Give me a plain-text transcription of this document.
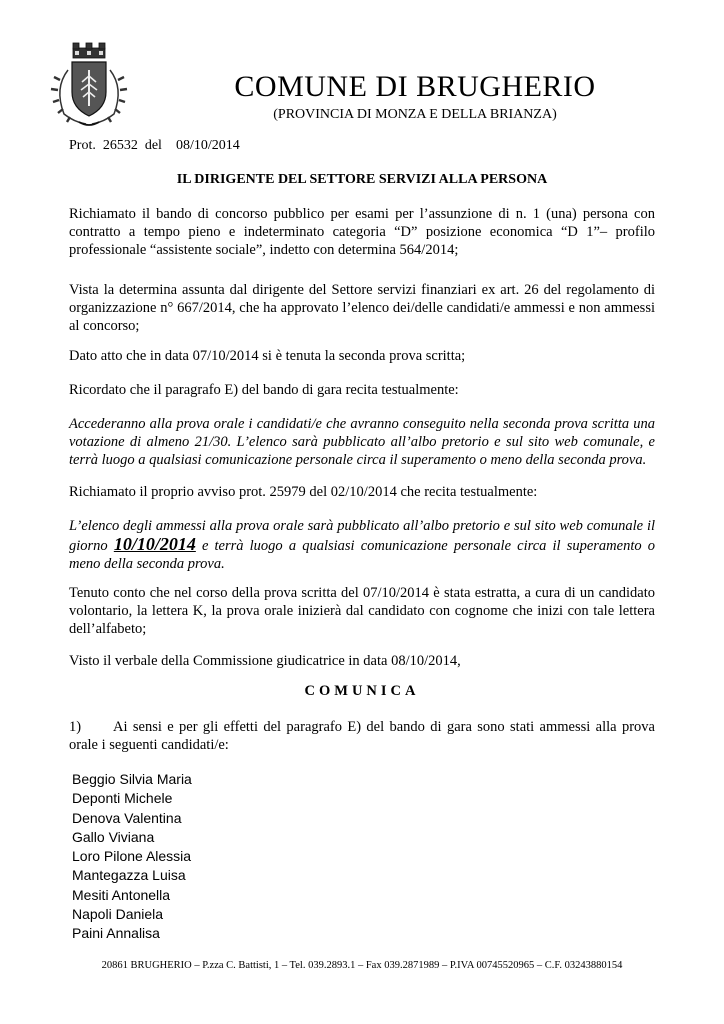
COMUNE DI BRUGHERIO
(PROVINCIA DI MONZA E DELLA BRIANZA)
Prot.  26532  del    08/10/2014
IL DIRIGENTE DEL SETTORE SERVIZI ALLA PERSONA
Richiamato il bando di concorso pubblico per esami per l’assunzione di n. 1 (una) persona con contratto a tempo pieno e indeterminato categoria “D” posizione economica “D 1”– profilo professionale “assistente sociale”, indetto con determina 564/2014;
Vista la determina assunta dal dirigente del Settore servizi finanziari ex art. 26 del regolamento di organizzazione n° 667/2014, che ha approvato l’elenco dei/delle candidati/e ammessi e non ammessi al concorso;
Dato atto che in data 07/10/2014 si è tenuta la seconda prova scritta;
Ricordato che il paragrafo E) del bando di gara recita testualmente:
Accederanno alla prova orale i candidati/e che avranno conseguito nella seconda prova scritta una votazione di almeno 21/30. L’elenco sarà pubblicato all’albo pretorio e sul sito web comunale, e terrà luogo a qualsiasi comunicazione personale circa il superamento o meno della seconda prova.
Richiamato il proprio avviso prot. 25979 del 02/10/2014 che recita testualmente:
L’elenco degli ammessi alla prova orale sarà pubblicato all’albo pretorio e sul sito web comunale il giorno 10/10/2014 e terrà luogo a qualsiasi comunicazione personale circa il superamento o meno della seconda prova.
Tenuto conto che nel corso della prova scritta del 07/10/2014 è stata estratta, a cura di un candidato volontario, la lettera K, la prova orale inizierà dal candidato con cognome che inizi con tale lettera dell’alfabeto;
Visto il verbale della Commissione giudicatrice in data 08/10/2014,
COMUNICA
1) Ai sensi e per gli effetti del paragrafo E) del bando di gara sono stati ammessi alla prova orale i seguenti candidati/e:
Beggio Silvia Maria
Deponti Michele
Denova Valentina
Gallo Viviana
Loro Pilone Alessia
Mantegazza Luisa
Mesiti Antonella
Napoli Daniela
Paini Annalisa
20861 BRUGHERIO – P.zza C. Battisti, 1 – Tel. 039.2893.1 – Fax 039.2871989 – P.IVA 00745520965 – C.F. 03243880154
